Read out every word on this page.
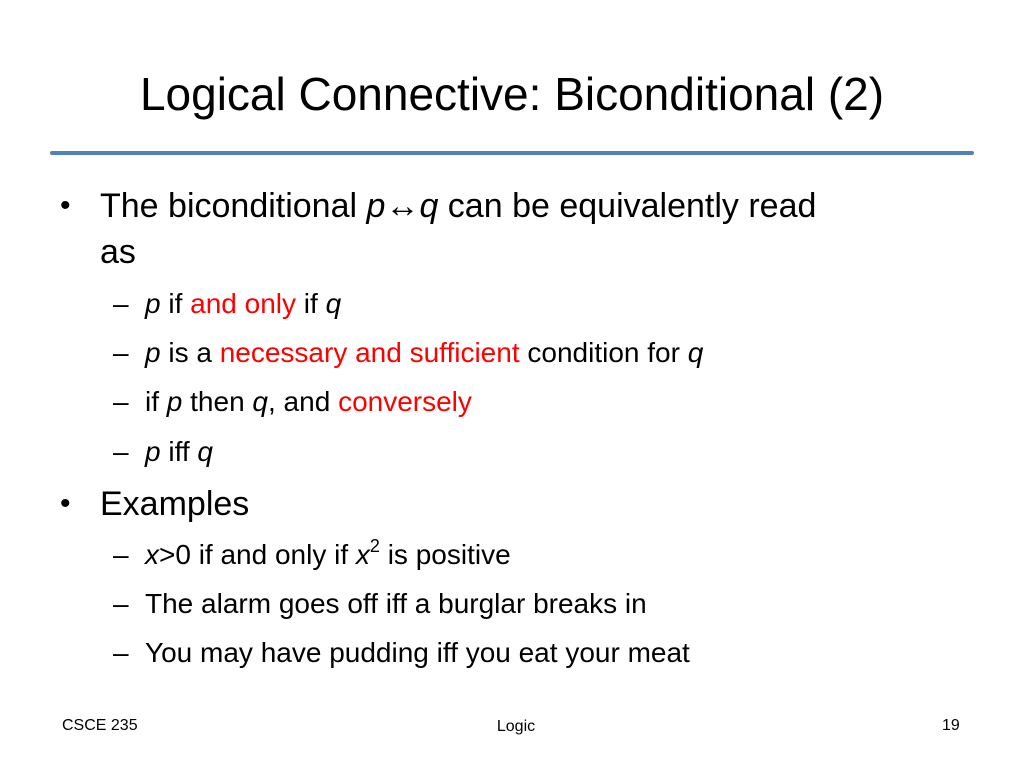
Logical Connective: Biconditional (2)
• The biconditional p↔q can be equivalently read
as
– p if and only if q
– p is a necessary and sufficient condition for q
– if p then q, and conversely
– p iff q
• Examples
– x>0 if and only if $x^2$ is positive
– The alarm goes off iff a burglar breaks in
– You may have pudding iff you eat your meat
CSCE 235	Logic	19
